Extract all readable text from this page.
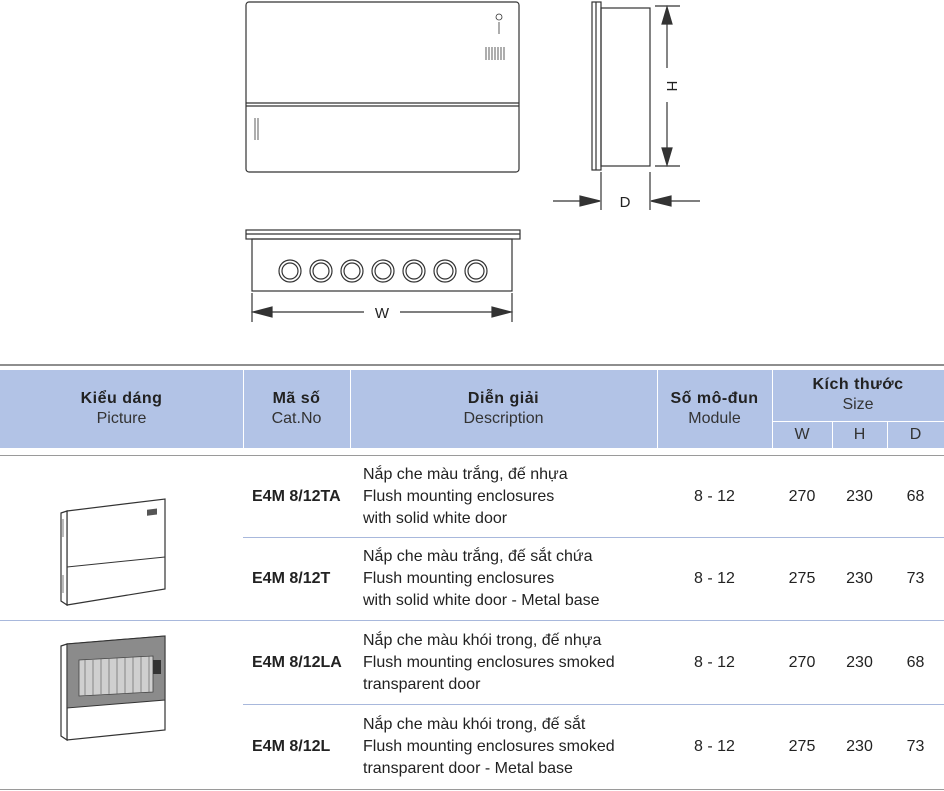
H
D
W
Kiểu dáng
Picture
Mã số
Cat.No
Diễn giải
Description
Số mô-đun
Module
Kích thước
Size
W	H	D
E4M 8/12TA
Nắp che màu trắng, đế nhựa
Flush mounting enclosures
with solid white door
8 - 12	270	230	68
E4M 8/12T
Nắp che màu trắng, đế sắt chứa
Flush mounting enclosures
with solid white door - Metal base
8 - 12	275	230	73
E4M 8/12LA
Nắp che màu khói trong, đế nhựa
Flush mounting enclosures smoked
transparent door
8 - 12	270	230	68
E4M 8/12L
Nắp che màu khói trong, đế sắt
Flush mounting enclosures smoked
transparent door - Metal base
8 - 12	275	230	73
